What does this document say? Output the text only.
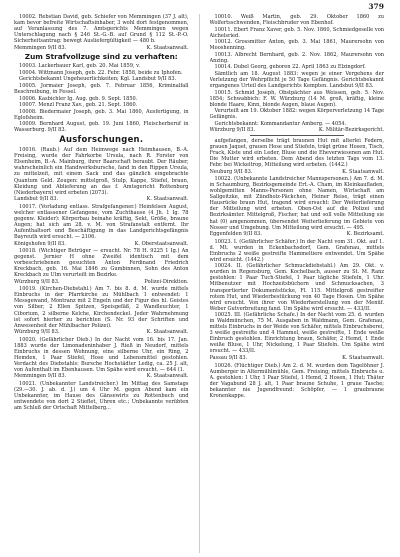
379

10002. Rebstian David, geb. Schiefer von Memmingen (37 J. alt), kam bevor befreite Wirtschaftsinhaber, 3 wohl dort festgenommen, auf Veranlassung des 7. Amtsgerichts Memmingen wegen Unterschlagung nach § 246 St.-G.-B. auf Grund § 112 St.-P.-O. Sicherheitsantrag: bewegt Ausliefergültigkeit — 480 b.

Memmingen 9/II 83.	K. Staatsanwalt.
Zum Strafvollzuge sind zu verhaften:

10003. Lackerbauer Karl, geb. 20. Mai 1859, v.

10004. Wittmann Joseph, geb. 22. Febr. 1858, beide zu Iphofen.

Gerichtsbekannt Ungeheuerlichkeiten; Kgl. Landsbut 9/II 83.

10005. Jormaier Joseph, geb. 7. Februar 1856, Kriminalfall Beschreibung, in Fessel.

10006. Kasbichler Ig. Aug. geb. 9. Sept. 1850.

10007. Menzl Franz Xav., geb. 21. Sept. 1860.

10008. Biedermaier Joseph, geb. 3. Mai 1860, Ausfertigung, in Eglofsheim.

10009. Bernhard August, geb. 19. Juni 1860, Fleischerberuf in Wasserburg. 9/II 83.

Ausforschungen.

10016. (Raub.) Auf dem Heimwege nach Heimhausen, B.-A. Freising, wurde der Fahrkorbe Ursula, nach R. Forster von Elsenheim, B.-A. Mainburg, ihrer Baarschaft beraubt. Der Räuber, wahrscheinlich ein Handwerksbursche, fand in den Rippen Ursula, zu mittelzeit, mit einem Sack und das gänzlich eingebrachte Quantum Geld. Zeugen: mittelgroß, Stulp, Kappe, Stiefel, braun, Kleidung und Ablieferung an das f. Amtsgericht Rottenburg (Niederbayern) wird erbeten (2073).

Landsbut 9/II 83.	K. Staatsanwalt.

10017. (Vorladung entlass. Strafgefangener.) Heinfelsen August, welcher entlassener Gefangene, vom Zuchthause (4 Jh. 1 Ig. 78 gegenw. Kleider): Körperbau beinahe kräftig, Sekt, Größe, braune Augen; hat sich am 28. v. M. von Strafanstalt entfernt. Ihr Aufenthaltsort und Beschäftigung in das Landgerichtsgefängnis Bayreuth wird ersucht. — 2106.

Königshofen 9/II 83.	K. Oberstaatsanwalt.

10018. (Wichtiger Betrüger — ersucht. Nr. 78 H. 9225 1 Ig.) An gegenst. Jernier H ohne Zweifel identisch mit dem vorbeschriebenen gesuchten Anton Ferdinand Friedrich Kreckbach, geb. 16. Mai 1846 zu Gumbinnen, Sohn des Anton Kreckbach zu Ulm verurteilt im Bezirke.

Würzburg 9/II 83.	Polizei-Direktion.

10019. (Kirchen-Diebstahl.) Am 7. bis 8. d. M. wurde mittels Einbruchs in der Pfarrkirche zu Mühlbach 1 entwendet: 1 Messgewand, Montranz mit 2 Engeln und der Figur des hl. Geistes von Silber, 2 Ellen Spitzen, Speisgefäß, 2 Wandleuchter, 1 Ciborium, 2 silberne Kelche, Kirchendeckel. Jeder Wahrnehmung ist sofort hierher zu berichten (S. Nr. 93 der Schriften und Anwesenheit der Mühlbacher Polizei).

Würzburg 9/II 83.	K. Staatsanwalt.

10020. (Gefährlicher Dieb.) In der Nacht vom 16. bis 17. Jan. 1883 wurde der Limonadeninhaber J. Rieß in Neudorf, mittels Einbruchs in dessen Wohnung, eine silberne Uhr, ein Ring, 2 Hemden, 1 Paar Stiefel, Hose und Lebensmittel gestohlen. Verdacht des Diebstahls: Bursche Hochstädter Ledig, ca. 25 J. alt, von Aufenthalt im Ebenhausen. Um Spähe wird ersucht. — 644 (1.

Memmingen 9/II 83.	K. Staatsanwalt.

10021. (Unbekannter Landstreicher.) Im Mittag des Samstags (29.—30. J. ab. d. J.) um 4 Uhr M. gegen Abend kam ein Unbekannter, im Hause des Gänsewirts zu Rottenbuch und entwendete von dort 2 Stieflet, Uhren etc.; Unbekannte verübten am Schluß der Ortschaft Mittelberg...

10010. Weiß Martin, geb. 29. Oktober 1860 zu Wolfertsschwenden, Fleischbruder von Ebenhof.

10011. Ebert Franz Xaver, geb. 5. Nov. 1860, Schmiedgeselle von Aichelsried.

10012. Grossmitter Anton, geb. 3. Mai 1861, Maurersohn von Mooshenning.

10013. Albrecht Bernhard, geb. 2. Nov. 1862, Maurersohn von Anzing.

10014. Dubel Georg, geboren 22. April 1863 zu Elzingdorf.

Sämtlich am 18. August 1883: wegen je einer Vergehens der Verletzung der Wehrpflicht je 50 Tage Gefängnis. Gerichtsbekannt ergangenes Urteil des Landgerichts Kempten. Landsbut 9/II 83.

10015. Schmid Joseph, Obstpächter aus Weissen, geb. 5. Nov. 1854; Schwabbich: F. W. Würzburg (14 M. groß, kräftig, kleine blonde Haare, Kinn, blonde Augen, blaue Augen).

Verurteilt am 19. Oktober 1882: wegen Körperverletzung 14 Tage Gefängnis.

Gerichtsbekannt: Kommandantur Amberg. — 4054.

Würzburg 9/II 83.	K. Militär-Bezirksgericht.

aufgefangen, derselbe trägt braunen Hut mit alterlei Federn, grauen Jaquet, grauen Hose und Stiefeln, trägt grüne Hosen, Tisch, Frack, Kiste und ein Leder, Bluse und die Eheverwiesenen am Hut. Die Mutter wird erbeten. Dem Abend des letzten Tags vom 13. Febr. bei Wickeltrop, Mitteilung wird erbeten. (1442.)

Neuburg 9/II 83.	K. Staatsanwalt.

10022. (Unbekannte Landstreicher Mannspersonen.) Am 7. d. M. in Schaumburg, Bezirksgemeinde Ert.-A. Cham, im Kleinkaufladen, wohlgemitten Manns-Personen ohne Namen, Wirtschaft am Sallgeitzke, mit Zündholz-Päckchen, Heiner Reise, trägt einen Hausrücke braun Hut, tragend wird ersucht: Der Weiterlieferung der Mitteilung wird erbeten. Oben-Ost auf die Polizei und Bezirksämter. Mittelgroß, Fischer, hat und soll volle Mitteilung sie hat (0) amgenommen, übersendet Weiterlieferung im Gebiete von Nosser und Umgebung. Um Mitteilung wird ersucht. — 495.

Eggenfelden 9/II 83.	K. Bezirksamt.

10023. I. (Gefährlicher Schäfer.) In der Nacht vom 31. Okt. auf 1. d. Mt. wurden in Eckenbachsdorf, Gem. Grafenau, mittels Einbruchs 2 weiße gestreifte Hammeltiere entwendet. Um Spähe wird ersucht. (1442.)

10024. II. (Gefährlicher Schmuckdiebstahl.) Am 29. Okt. v. wurden in Regensburg, Gem. Kochelbach, ausser zu St. M. Ranz gestohlen: 1 Paar Tuch-Stiefel, 1 Paar tägliche Stiefeln, 1 Uhr. Mitbenutzer mit Hochzeitsbüchern und Schmucksachen, 3 transportierter Dokumentstücke, Fl. 115. Mittelgroß gestreifter rotem Hut, und Wiederbestückung von 40 Tage Hosen. Um Spähe wird ersucht. Von ihrer von Wiederherstellung von der Menüf. Weber Gutverbreitung fand. Um Spähe wird ersucht. — 433/II.

10025. III. (Gefährliche Schafe.) In der Nacht vom 25. d. wurden in Waldmünchen, 75 M. Ausgaben in Waldmann, Gem. Grafenau, mittels Einbruchs in der Weide von Schäfer, mittels Einbruchsberei, 3 weiße gestreifte und 4 Hammel, weiße gestreifte, 1 Ende weiße Einbruch gestohlen. Einrichtung braun, Schäfer, 2 Hemd, 1 Ende weiße Bluse, 1 Uhr, Nickelung, 1 Paar Stiefeln. Um Spähe wird ersucht. — 433/II.

Passau 9/II 83.	K. Staatsanwalt.

10026. (Flüchtiger Dieb.) Am 2. d. M. wurden dem Tagelöhner J. Aumberger in Altermühlmühle, Gem. Freising, mittels Einbruchs u. A. gestohlen: 1 Uhr, 1 Paar Stiefel, 1 Hemd, 2 Hosen, 1 Hut; Thäter der Vagabund 28 J. alt, 1 Paar braune Schuhe, 1 graue Tasche; bekannter nie Jugendfreund: Schöpfer, — 1 graubraune Kronenkappe.
